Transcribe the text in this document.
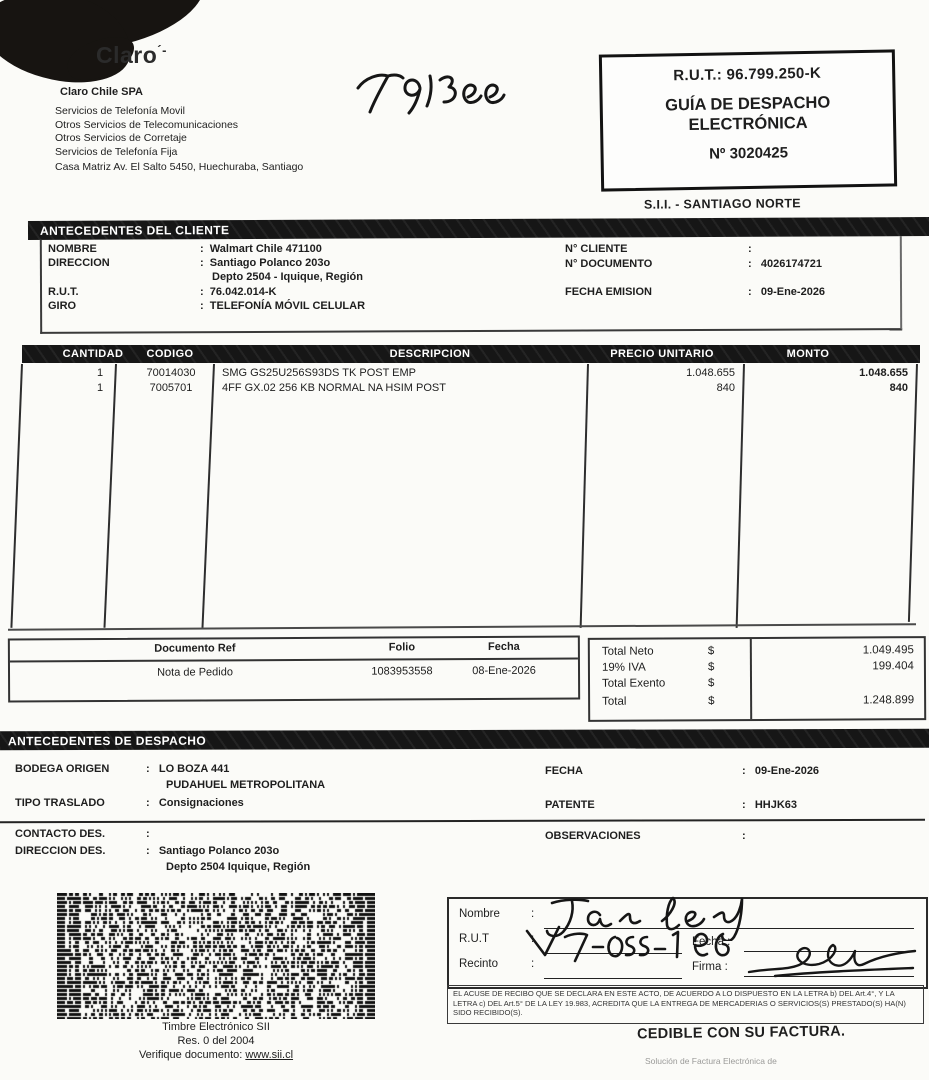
Claro´-
Claro Chile SPA
Servicios de Telefonía Movil
Otros Servicios de Telecomunicaciones
Otros Servicios de Corretaje
Servicios de Telefonía Fija
Casa Matriz Av. El Salto 5450, Huechuraba, Santiago
R.U.T.: 96.799.250-K
GUÍA DE DESPACHO
ELECTRÓNICA
Nº 3020425
S.I.I. - SANTIAGO NORTE
ANTECEDENTES DEL CLIENTE
NOMBRE	: Walmart Chile 471100
DIRECCION	: Santiago Polanco 203o
Depto 2504 - Iquique, Región
R.U.T.	: 76.042.014-K
GIRO	: TELEFONÍA MÓVIL CELULAR
N° CLIENTE	:
N° DOCUMENTO	: 4026174721
FECHA EMISION	: 09-Ene-2026
CANTIDAD CODIGO	DESCRIPCION	PRECIO UNITARIO	MONTO
1	70014030	SMG GS25U256S93DS TK POST EMP	1.048.655	1.048.655
1	7005701	4FF GX.02 256 KB NORMAL NA HSIM POST	840	840
Documento Ref	Folio	Fecha
Nota de Pedido	1083953558	08-Ene-2026
Total Neto	$	1.049.495
19% IVA	$	199.404
Total Exento	$
Total	$	1.248.899
ANTECEDENTES DE DESPACHO
BODEGA ORIGEN	: LO BOZA 441
PUDAHUEL METROPOLITANA
TIPO TRASLADO	: Consignaciones
FECHA	: 09-Ene-2026
PATENTE	: HHJK63
CONTACTO DES.	:
DIRECCION DES.	: Santiago Polanco 203o
Depto 2504 Iquique, Región
OBSERVACIONES	:
Timbre Electrónico SII
Res. 0 del 2004
Verifique documento: www.sii.cl
Nombre	:
R.U.T	:	Fecha :
Recinto	:	Firma :
EL ACUSE DE RECIBO QUE SE DECLARA EN ESTE ACTO, DE ACUERDO A LO DISPUESTO EN LA LETRA b) DEL Art.4°, Y LA LETRA c) DEL Art.5° DE LA LEY 19.983, ACREDITA QUE LA ENTREGA DE MERCADERIAS O SERVICIOS(S) PRESTADO(S) HA(N) SIDO RECIBIDO(S).
CEDIBLE CON SU FACTURA.
Solución de Factura Electrónica de
